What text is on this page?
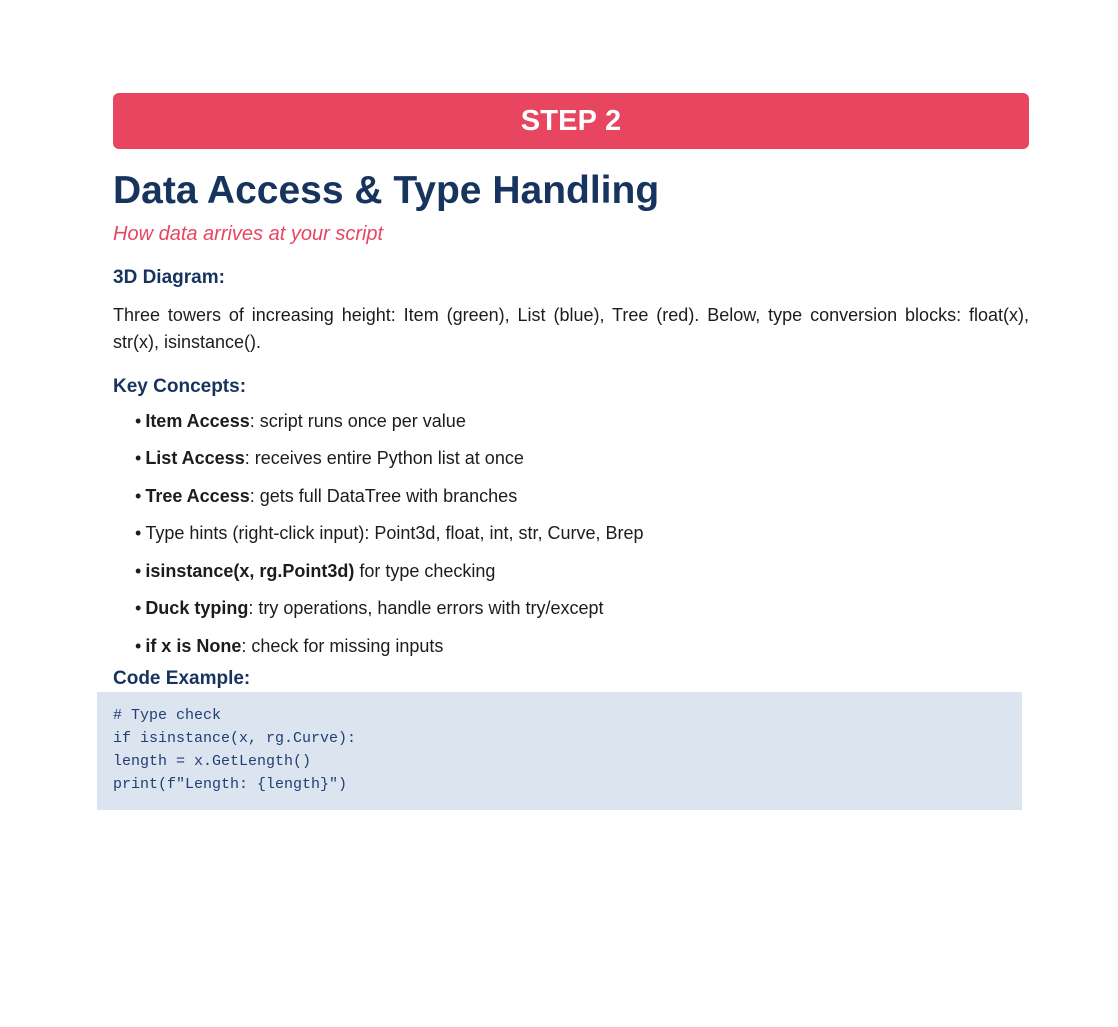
STEP 2
Data Access & Type Handling
How data arrives at your script
3D Diagram:

Three towers of increasing height: Item (green), List (blue), Tree (red). Below, type conversion blocks: float(x), str(x), isinstance().

Key Concepts:
• Item Access: script runs once per value
• List Access: receives entire Python list at once
• Tree Access: gets full DataTree with branches
• Type hints (right-click input): Point3d, float, int, str, Curve, Brep
• isinstance(x, rg.Point3d) for type checking
• Duck typing: try operations, handle errors with try/except
• if x is None: check for missing inputs
Code Example:
# Type check
if isinstance(x, rg.Curve):
length = x.GetLength()
print(f"Length: {length}")
